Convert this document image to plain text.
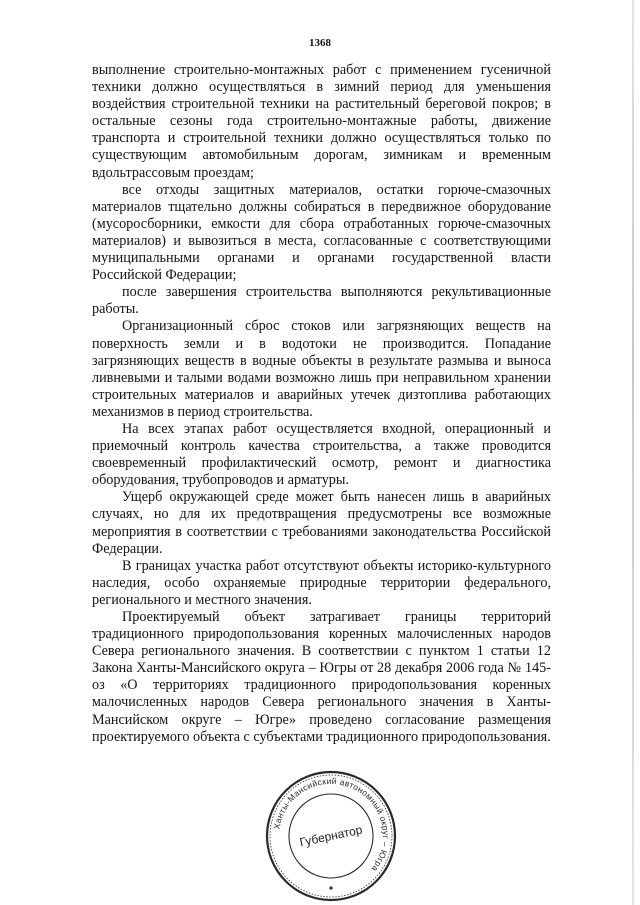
1368

выполнение строительно-монтажных работ с применением гусеничной техники должно осуществляться в зимний период для уменьшения воздействия строительной техники на растительный береговой покров; в остальные сезоны года строительно-монтажные работы, движение транспорта и строительной техники должно осуществляться только по существующим автомобильным дорогам, зимникам и временным вдольтрассовым проездам;

все отходы защитных материалов, остатки горюче-смазочных материалов тщательно должны собираться в передвижное оборудование (мусоросборники, емкости для сбора отработанных горюче-смазочных материалов) и вывозиться в места, согласованные с соответствующими муниципальными органами и органами государственной власти Российской Федерации;

после завершения строительства выполняются рекультивационные работы.

Организационный сброс стоков или загрязняющих веществ на поверхность земли и в водотоки не производится. Попадание загрязняющих веществ в водные объекты в результате размыва и выноса ливневыми и талыми водами возможно лишь при неправильном хранении строительных материалов и аварийных утечек дизтоплива работающих механизмов в период строительства.

На всех этапах работ осуществляется входной, операционный и приемочный контроль качества строительства, а также проводится своевременный профилактический осмотр, ремонт и диагностика оборудования, трубопроводов и арматуры.

Ущерб окружающей среде может быть нанесен лишь в аварийных случаях, но для их предотвращения предусмотрены все возможные мероприятия в соответствии с требованиями законодательства Российской Федерации.

В границах участка работ отсутствуют объекты историко-культурного наследия, особо охраняемые природные территории федерального, регионального и местного значения.

Проектируемый объект затрагивает границы территорий традиционного природопользования коренных малочисленных народов Севера регионального значения. В соответствии с пунктом 1 статьи 12 Закона Ханты-Мансийского округа – Югры от 28 декабря 2006 года № 145-оз «О территориях традиционного природопользования коренных малочисленных народов Севера регионального значения в Ханты-Мансийском округе – Югре» проведено согласование размещения проектируемого объекта с субъектами традиционного природопользования.

Ханты-Мансийский автономный округ – Югра
Губернатор
